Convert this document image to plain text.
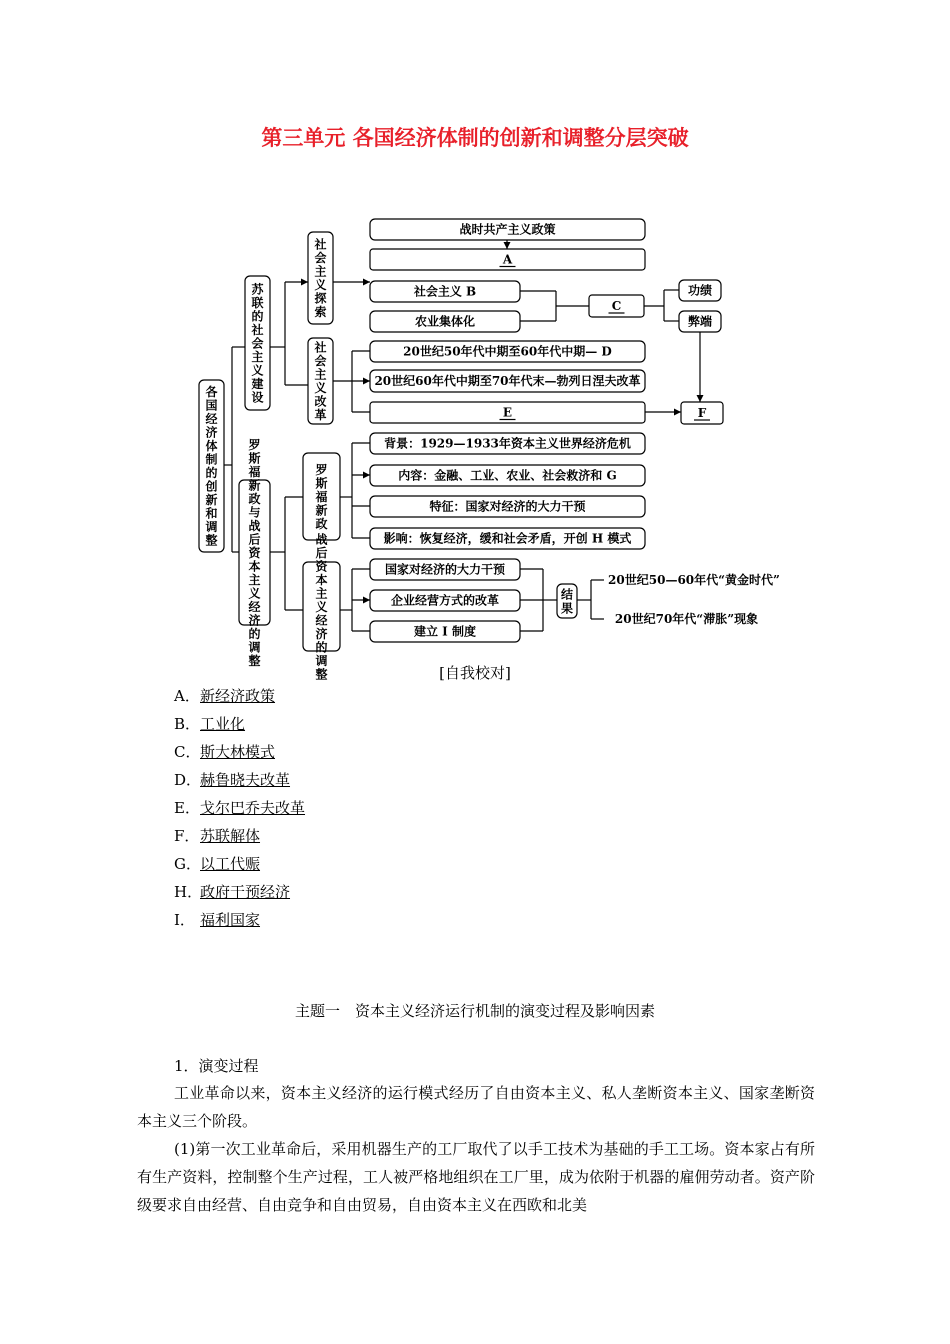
第三单元 各国经济体制的创新和调整分层突破
各国经济体制的创新和调整
苏联的社会主义建设
罗斯福新政与战后资本主义经济的调整
社会主义探索
社会主义改革
罗斯福新政
战后资本主义经济的调整
战时共产主义政策
A
社会主义 B
农业集体化
C
功绩
弊端
F
20世纪50年代中期至60年代中期— D
20世纪60年代中期至70年代末—勃列日涅夫改革
E
背景：1929—1933年资本主义世界经济危机
内容：金融、工业、农业、社会救济和 G
特征：国家对经济的大力干预
影响：恢复经济，缓和社会矛盾，开创 H 模式
国家对经济的大力干预
企业经营方式的改革
建立 I 制度
结果
20世纪50—60年代“黄金时代”
20世纪70年代“滞胀”现象
[自我校对]
A．新经济政策
B．工业化
C．斯大林模式
D．赫鲁晓夫改革
E．戈尔巴乔夫改革
F．苏联解体
G．以工代赈
H．政府干预经济
I． 福利国家
主题一　资本主义经济运行机制的演变过程及影响因素
1．演变过程

工业革命以来，资本主义经济的运行模式经历了自由资本主义、私人垄断资本主义、国家垄断资本主义三个阶段。

(1)第一次工业革命后，采用机器生产的工厂取代了以手工技术为基础的手工工场。资本家占有所有生产资料，控制整个生产过程，工人被严格地组织在工厂里，成为依附于机器的雇佣劳动者。资产阶级要求自由经营、自由竞争和自由贸易，自由资本主义在西欧和北美
